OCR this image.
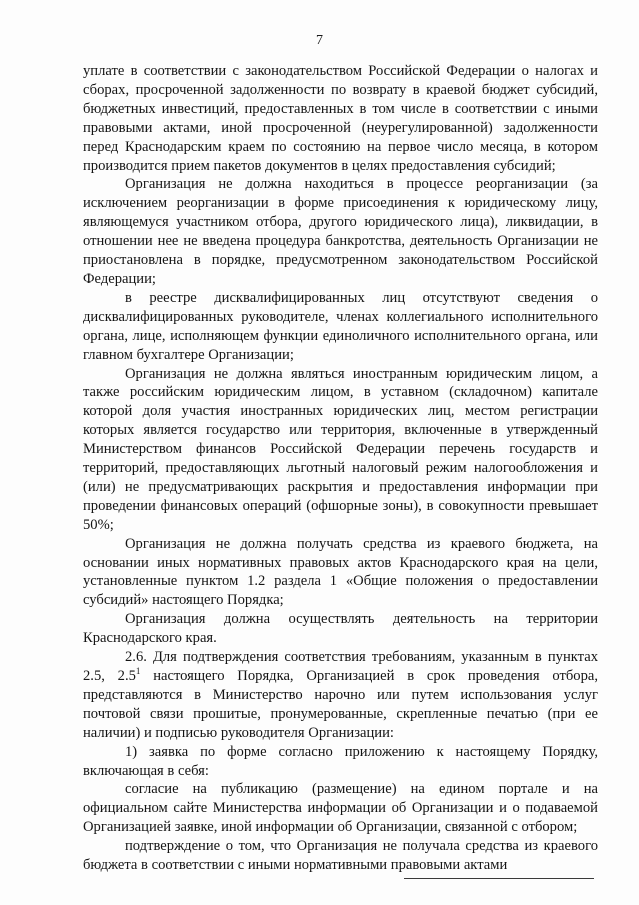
7

уплате в соответствии с законодательством Российской Федерации о налогах и сборах, просроченной задолженности по возврату в краевой бюджет субсидий, бюджетных инвестиций, предоставленных в том числе в соответствии с иными правовыми актами, иной просроченной (неурегулированной) задолженности перед Краснодарским краем по состоянию на первое число месяца, в котором производится прием пакетов документов в целях предоставления субсидий;

Организация не должна находиться в процессе реорганизации (за исключением реорганизации в форме присоединения к юридическому лицу, являющемуся участником отбора, другого юридического лица), ликвидации, в отношении нее не введена процедура банкротства, деятельность Организации не приостановлена в порядке, предусмотренном законодательством Российской Федерации;

в реестре дисквалифицированных лиц отсутствуют сведения о дисквалифицированных руководителе, членах коллегиального исполнительного органа, лице, исполняющем функции единоличного исполнительного органа, или главном бухгалтере Организации;

Организация не должна являться иностранным юридическим лицом, а также российским юридическим лицом, в уставном (складочном) капитале которой доля участия иностранных юридических лиц, местом регистрации которых является государство или территория, включенные в утвержденный Министерством финансов Российской Федерации перечень государств и территорий, предоставляющих льготный налоговый режим налогообложения и (или) не предусматривающих раскрытия и предоставления информации при проведении финансовых операций (офшорные зоны), в совокупности превышает 50%;

Организация не должна получать средства из краевого бюджета, на основании иных нормативных правовых актов Краснодарского края на цели, установленные пунктом 1.2 раздела 1 «Общие положения о предоставлении субсидий» настоящего Порядка;

Организация должна осуществлять деятельность на территории Краснодарского края.

2.6. Для подтверждения соответствия требованиям, указанным в пунктах 2.5, $2.5^1$ настоящего Порядка, Организацией в срок проведения отбора, представляются в Министерство нарочно или путем использования услуг почтовой связи прошитые, пронумерованные, скрепленные печатью (при ее наличии) и подписью руководителя Организации:

1) заявка по форме согласно приложению к настоящему Порядку, включающая в себя:

согласие на публикацию (размещение) на едином портале и на официальном сайте Министерства информации об Организации и о подаваемой Организацией заявке, иной информации об Организации, связанной с отбором;

подтверждение о том, что Организация не получала средства из краевого бюджета в соответствии с иными нормативными правовыми актами
